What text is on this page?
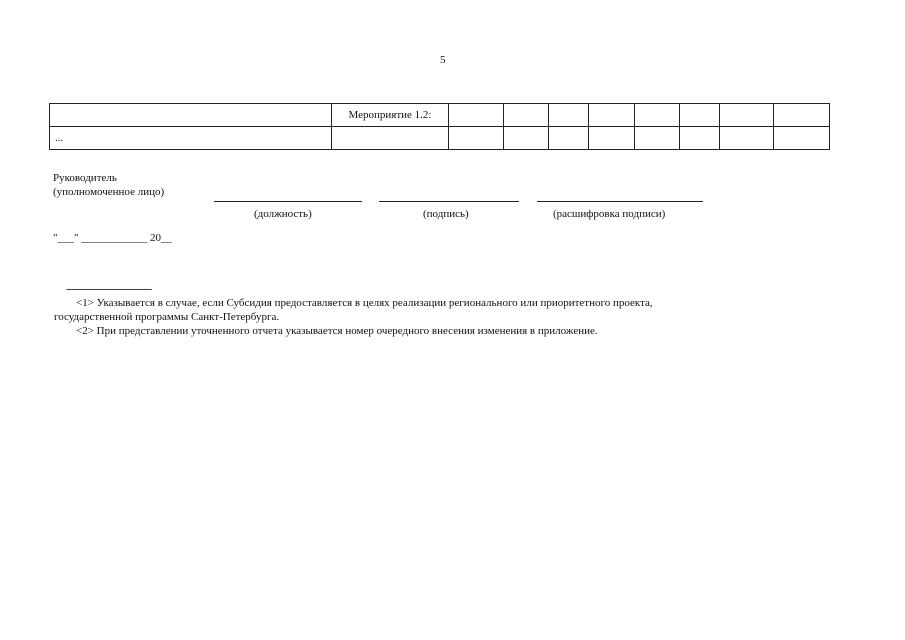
5
	Мероприятие 1.2:								
...									
Руководитель
(уполномоченное лицо)
(должность)	(подпись)	(расшифровка подписи)
"___" ____________ 20__

--------------------------------

<1> Указывается в случае, если Субсидия предоставляется в целях реализации регионального или приоритетного проекта, государственной программы Санкт-Петербурга.

<2> При представлении уточненного отчета указывается номер очередного внесения изменения в приложение.
